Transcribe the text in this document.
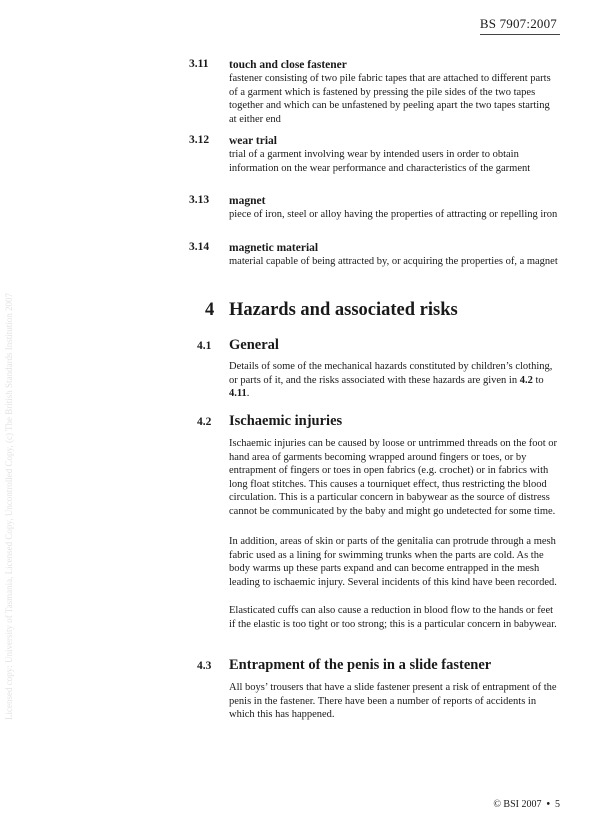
BS 7907:2007
Licensed copy: University of Tasmania, Licensed Copy, Uncontrolled Copy, (c) The British Standards Institution 2007
3.11 touch and close fastener
fastener consisting of two pile fabric tapes that are attached to different parts of a garment which is fastened by pressing the pile sides of the two tapes together and which can be unfastened by peeling apart the two tapes starting at either end
3.12 wear trial
trial of a garment involving wear by intended users in order to obtain information on the wear performance and characteristics of the garment
3.13 magnet
piece of iron, steel or alloy having the properties of attracting or repelling iron
3.14 magnetic material
material capable of being attracted by, or acquiring the properties of, a magnet
4 Hazards and associated risks
4.1 General
Details of some of the mechanical hazards constituted by children’s clothing, or parts of it, and the risks associated with these hazards are given in 4.2 to 4.11.
4.2 Ischaemic injuries
Ischaemic injuries can be caused by loose or untrimmed threads on the foot or hand area of garments becoming wrapped around fingers or toes, or by entrapment of fingers or toes in open fabrics (e.g. crochet) or in fabrics with long float stitches. This causes a tourniquet effect, thus restricting the blood circulation. This is a particular concern in babywear as the source of distress cannot be communicated by the baby and might go undetected for some time.
In addition, areas of skin or parts of the genitalia can protrude through a mesh fabric used as a lining for swimming trunks when the parts are cold. As the body warms up these parts expand and can become entrapped in the mesh leading to ischaemic injury. Several incidents of this kind have been recorded.
Elasticated cuffs can also cause a reduction in blood flow to the hands or feet if the elastic is too tight or too strong; this is a particular concern in babywear.
4.3 Entrapment of the penis in a slide fastener
All boys’ trousers that have a slide fastener present a risk of entrapment of the penis in the fastener. There have been a number of reports of accidents in which this has happened.
© BSI 2007 • 5
